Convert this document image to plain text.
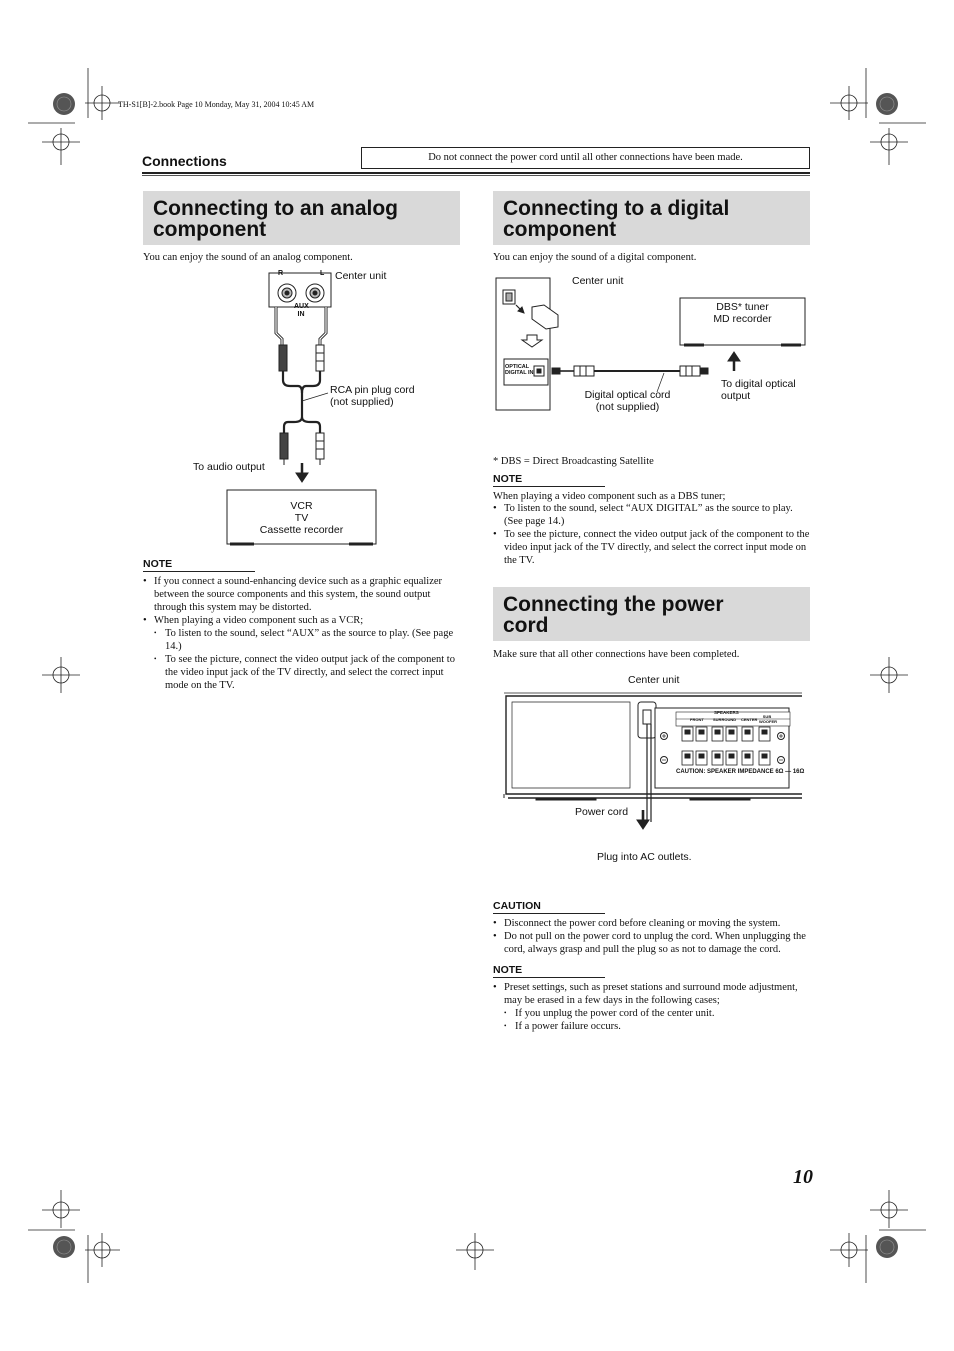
TH-S1[B]-2.book Page 10 Monday, May 31, 2004 10:45 AM
Connections	Do not connect the power cord until all other connections have been made.
Connecting to an analog
component
You can enjoy the sound of an analog component.
Center unit
R	L
AUX
IN
RCA pin plug cord
(not supplied)
To audio output
VCR
TV
Cassette recorder
NOTE
• If you connect a sound-enhancing device such as a graphic equalizer between the source components and this system, the sound output through this system may be distorted.
• When playing a video component such as a VCR;
• To listen to the sound, select “AUX” as the source to play. (See page 14.)
• To see the picture, connect the video output jack of the component to the video input jack of the TV directly, and select the correct input mode on the TV.
Connecting to a digital
component
You can enjoy the sound of a digital component.
Center unit
OPTICAL
DIGITAL IN
DBS* tuner
MD recorder
Digital optical cord
(not supplied)
To digital optical
output
* DBS = Direct Broadcasting Satellite
NOTE
When playing a video component such as a DBS tuner;
• To listen to the sound, select “AUX DIGITAL” as the source to play. (See page 14.)
• To see the picture, connect the video output jack of the component to the video input jack of the TV directly, and select the correct input mode on the TV.
Connecting the power
cord
Make sure that all other connections have been completed.
Center unit
SPEAKERS
FRONT SURROUND CENTER
SUB WOOFER
CAUTION: SPEAKER IMPEDANCE 6Ω — 16Ω
Power cord
Plug into AC outlets.
CAUTION
• Disconnect the power cord before cleaning or moving the system.
• Do not pull on the power cord to unplug the cord. When unplugging the cord, always grasp and pull the plug so as not to damage the cord.
NOTE
• Preset settings, such as preset stations and surround mode adjustment, may be erased in a few days in the following cases;
• If you unplug the power cord of the center unit.
• If a power failure occurs.
10
